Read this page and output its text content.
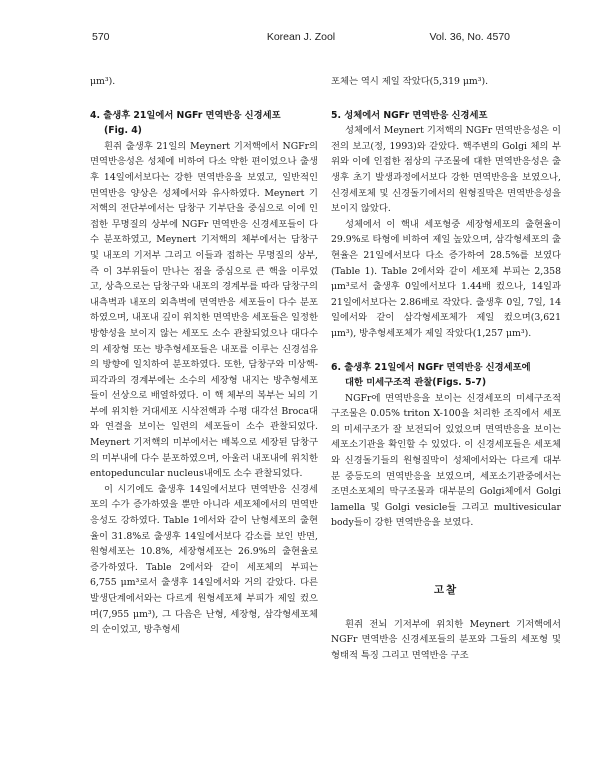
570	Korean J. Zool	Vol. 36, No. 4570

μm³).

4. 출생후 21일에서 NGFr 면역반응 신경세포
(Fig. 4)

흰쥐 출생후 21일의 Meynert 기저핵에서 NGFr의 면역반응성은 성체에 비하여 다소 약한 편이었으나 출생후 14일에서보다는 강한 면역반응을 보였고, 일반적인 면역반응 양상은 성체에서와 유사하였다. Meynert 기저핵의 전단부에서는 담창구 기부단을 중심으로 이에 인접한 무명질의 상부에 NGFr 면역반응 신경세포들이 다수 분포하였고, Meynert 기저핵의 체부에서는 담창구 및 내포의 기저부 그리고 이들과 접하는 무명질의 상부, 즉 이 3부위들이 만나는 점을 중심으로 큰 핵을 이루었고, 상측으로는 담창구와 내포의 경계부를 따라 담창구의 내측벽과 내포의 외측벽에 면역반응 세포들이 다수 분포하였으며, 내포내 깊이 위치한 면역반응 세포들은 일정한 방향성을 보이지 않는 세포도 소수 관찰되었으나 대다수의 세장형 또는 방추형세포들은 내포를 이루는 신경섬유의 방향에 일치하여 분포하였다. 또한, 담창구와 미상핵-피각과의 경계부에는 소수의 세장형 내지는 방추형세포들이 선상으로 배열하였다. 이 핵 체부의 복부는 뇌의 기부에 위치한 거대세포 시삭전핵과 수평 대각선 Broca대와 연결을 보이는 일련의 세포들이 소수 관찰되었다. Meynert 기저핵의 미부에서는 배복으로 세장된 담창구의 미부내에 다수 분포하였으며, 아울러 내포내에 위치한 entopeduncular nucleus내에도 소수 관찰되었다.

이 시기에도 출생후 14일에서보다 면역반응 신경세포의 수가 증가하였을 뿐만 아니라 세포체에서의 면역반응성도 강하였다. Table 1에서와 같이 난형세포의 출현율이 31.8%로 출생후 14일에서보다 감소를 보인 반면, 원형세포는 10.8%, 세장형세포는 26.9%의 출현율로 증가하였다. Table 2에서와 같이 세포체의 부피는 6,755 μm³로서 출생후 14일에서와 거의 같았다. 다른 발생단계에서와는 다르게 원형세포체 부피가 제일 컸으며(7,955 μm³), 그 다음은 난형, 세장형, 삼각형세포체의 순이었고, 방추형세

포체는 역시 제일 작았다(5,319 μm³).

5. 성체에서 NGFr 면역반응 신경세포

성체에서 Meynert 기저핵의 NGFr 면역반응성은 이전의 보고(정, 1993)와 같았다. 핵주변의 Golgi 체의 부위와 이에 인접한 점상의 구조물에 대한 면역반응성은 출생후 초기 발생과정에서보다 강한 면역반응을 보였으나, 신경세포체 및 신경돌기에서의 원형질막은 면역반응성을 보이지 않았다.

성체에서 이 핵내 세포형중 세장형세포의 출현율이 29.9%로 타형에 비하여 제일 높았으며, 삼각형세포의 출현율은 21일에서보다 다소 증가하여 28.5%를 보였다(Table 1). Table 2에서와 같이 세포체 부피는 2,358 μm³로서 출생후 0일에서보다 1.44배 컸으나, 14일과 21일에서보다는 2.86배로 작았다. 출생후 0일, 7일, 14일에서와 같이 삼각형세포체가 제일 컸으며(3,621 μm³), 방추형세포체가 제일 작았다(1,257 μm³).

6. 출생후 21일에서 NGFr 면역반응 신경세포에
대한 미세구조적 관찰(Figs. 5-7)

NGFr에 면역반응을 보이는 신경세포의 미세구조적 구조물은 0.05% triton X-100을 처리한 조직에서 세포의 미세구조가 잘 보전되어 있었으며 면역반응을 보이는 세포소기관을 확인할 수 있었다. 이 신경세포들은 세포체와 신경돌기들의 원형질막이 성체에서와는 다르게 대부분 중등도의 면역반응을 보였으며, 세포소기관중에서는 조면소포체의 막구조물과 대부분의 Golgi체에서 Golgi lamella 및 Golgi vesicle들 그리고 multivesicular body들이 강한 면역반응을 보였다.

고찰

흰쥐 전뇌 기저부에 위치한 Meynert 기저핵에서 NGFr 면역반응 신경세포들의 분포와 그들의 세포형 및 형태적 특징 그리고 면역반응 구조
